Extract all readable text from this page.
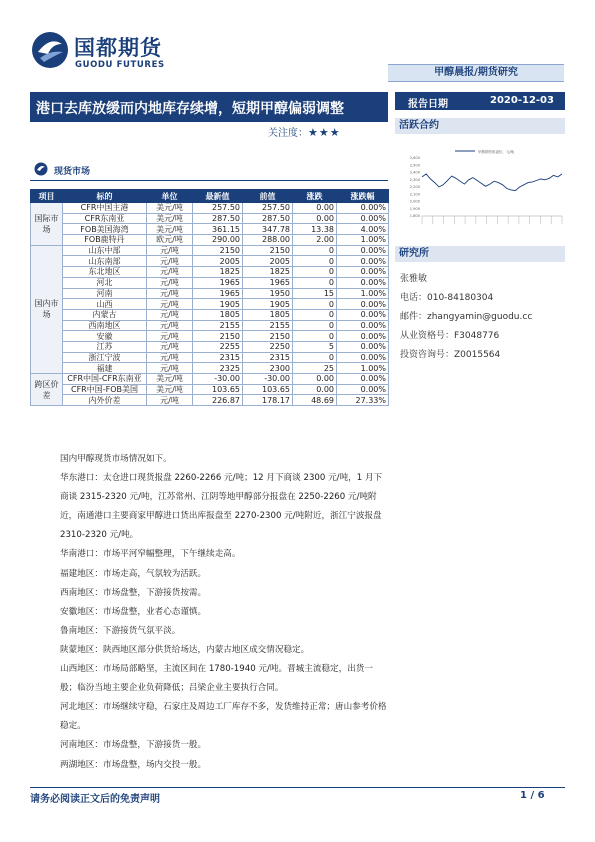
国都期货
GUODU FUTURES
甲醇晨报/期货研究
港口去库放缓而内地库存续增，短期甲醇偏弱调整
关注度：★★★
报告日期	2020-12-03
活跃合约
甲醇期货收盘价，元/吨
2,600
2,500
2,400
2,300
2,200
2,100
2,000
1,900
1,800
研究所
张雅敏
电话：010-84180304
邮件：zhangyamin@guodu.cc
从业资格号：F3048776
投资咨询号：Z0015564
现货市场
项目	标的	单位	最新值	前值	涨跌	涨跌幅
国际市场	CFR中国主港	美元/吨	257.50	257.50	0.00	0.00%
	CFR东南亚	美元/吨	287.50	287.50	0.00	0.00%
	FOB美国海湾	美元/吨	361.15	347.78	13.38	4.00%
	FOB鹿特丹	欧元/吨	290.00	288.00	2.00	1.00%
国内市场	山东中部	元/吨	2150	2150	0	0.00%
	山东南部	元/吨	2005	2005	0	0.00%
	东北地区	元/吨	1825	1825	0	0.00%
	河北	元/吨	1965	1965	0	0.00%
	河南	元/吨	1965	1950	15	1.00%
	山西	元/吨	1905	1905	0	0.00%
	内蒙古	元/吨	1805	1805	0	0.00%
	西南地区	元/吨	2155	2155	0	0.00%
	安徽	元/吨	2150	2150	0	0.00%
	江苏	元/吨	2255	2250	5	0.00%
	浙江宁波	元/吨	2315	2315	0	0.00%
	福建	元/吨	2325	2300	25	1.00%
跨区价差	CFR中国-CFR东南亚	美元/吨	-30.00	-30.00	0.00	0.00%
	CFR中国-FOB美国	美元/吨	103.65	103.65	0.00	0.00%
	内外价差	元/吨	226.87	178.17	48.69	27.33%

国内甲醇现货市场情况如下。

华东港口：太仓进口现货报盘 2260-2266 元/吨；12 月下商谈 2300 元/吨，1 月下商谈 2315-2320 元/吨，江苏常州、江阴等地甲醇部分报盘在 2250-2260 元/吨附近，南通港口主要商家甲醇进口货出库报盘至 2270-2300 元/吨附近，浙江宁波报盘 2310-2320 元/吨。

华南港口：市场平河窄幅整理，下午继续走高。

福建地区：市场走高，气氛较为活跃。

西南地区：市场盘整，下游接货按需。

安徽地区：市场盘整，业者心态谨慎。

鲁南地区：下游接货气氛平淡。

陕蒙地区：陕西地区部分供货给场达，内蒙古地区成交情况稳定。

山西地区：市场局部略坚，主流区间在 1780-1940 元/吨。晋城主流稳定，出货一般；临汾当地主要企业负荷降低；吕梁企业主要执行合同。

河北地区：市场继续守稳，石家庄及周边工厂库存不多，发货维持正常；唐山参考价格稳定。

河南地区：市场盘整，下游接货一般。

两湖地区：市场盘整，场内交投一般。

请务必阅读正文后的免责声明	1 / 6
